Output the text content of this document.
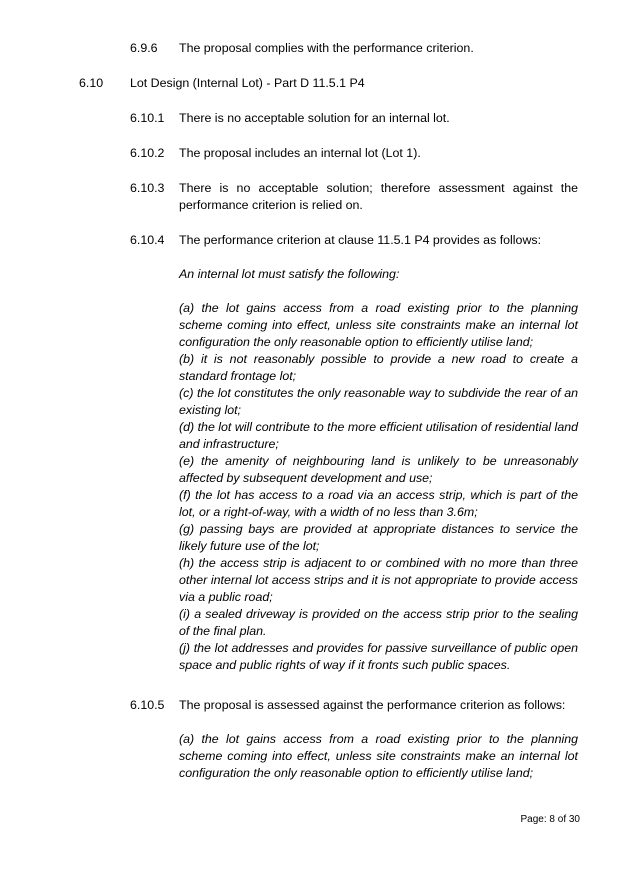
6.9.6 The proposal complies with the performance criterion.
6.10 Lot Design (Internal Lot) - Part D 11.5.1 P4
6.10.1 There is no acceptable solution for an internal lot.
6.10.2 The proposal includes an internal lot (Lot 1).
6.10.3 There is no acceptable solution; therefore assessment against the performance criterion is relied on.
6.10.4 The performance criterion at clause 11.5.1 P4 provides as follows:
An internal lot must satisfy the following:
(a) the lot gains access from a road existing prior to the planning scheme coming into effect, unless site constraints make an internal lot configuration the only reasonable option to efficiently utilise land;
(b) it is not reasonably possible to provide a new road to create a standard frontage lot;
(c) the lot constitutes the only reasonable way to subdivide the rear of an existing lot;
(d) the lot will contribute to the more efficient utilisation of residential land and infrastructure;
(e) the amenity of neighbouring land is unlikely to be unreasonably affected by subsequent development and use;
(f) the lot has access to a road via an access strip, which is part of the lot, or a right-of-way, with a width of no less than 3.6m;
(g) passing bays are provided at appropriate distances to service the likely future use of the lot;
(h) the access strip is adjacent to or combined with no more than three other internal lot access strips and it is not appropriate to provide access via a public road;
(i) a sealed driveway is provided on the access strip prior to the sealing of the final plan.
(j) the lot addresses and provides for passive surveillance of public open space and public rights of way if it fronts such public spaces.
6.10.5 The proposal is assessed against the performance criterion as follows:
(a) the lot gains access from a road existing prior to the planning scheme coming into effect, unless site constraints make an internal lot configuration the only reasonable option to efficiently utilise land;
Page: 8 of 30
